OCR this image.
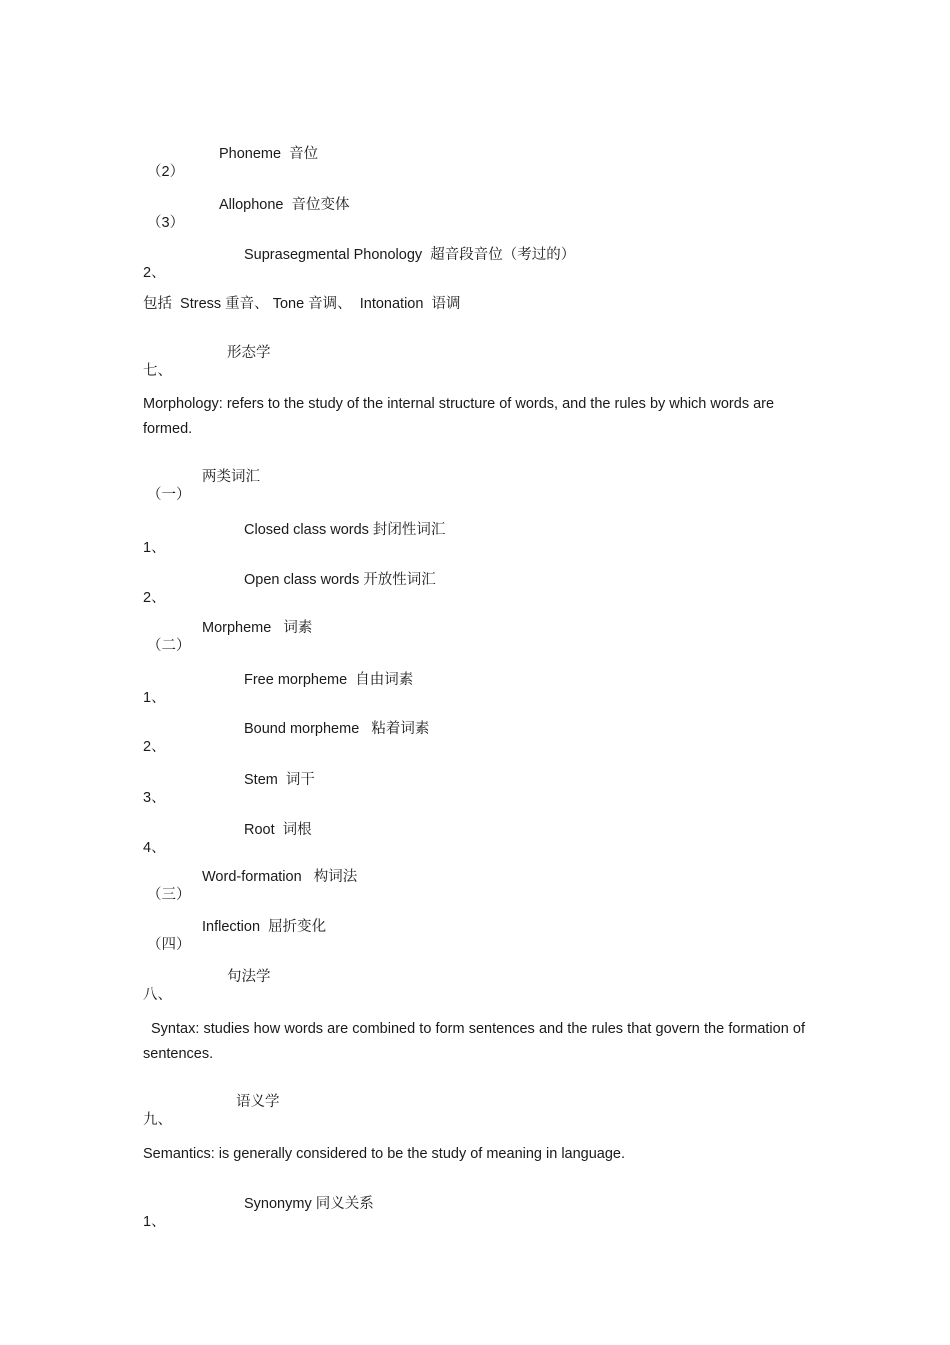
（2）

Phoneme  音位

（3）

Allophone  音位变体

2、

Suprasegmental Phonology  超音段音位（考过的）

包括  Stress 重音、 Tone 音调、  Intonation  语调

七、

形态学

Morphology: refers to the study of the internal structure of words, and the rules by which words are formed.

（一）

两类词汇

1、

Closed class words 封闭性词汇

2、

Open class words 开放性词汇

（二）

Morpheme   词素

1、

Free morpheme  自由词素

2、

Bound morpheme   粘着词素

3、

Stem  词干

4、

Root  词根

（三）

Word-formation   构词法

（四）

Inflection  屈折变化

八、

句法学

Syntax: studies how words are combined to form sentences and the rules that govern the formation of sentences.

九、

语义学

Semantics: is generally considered to be the study of meaning in language.

1、

Synonymy 同义关系
